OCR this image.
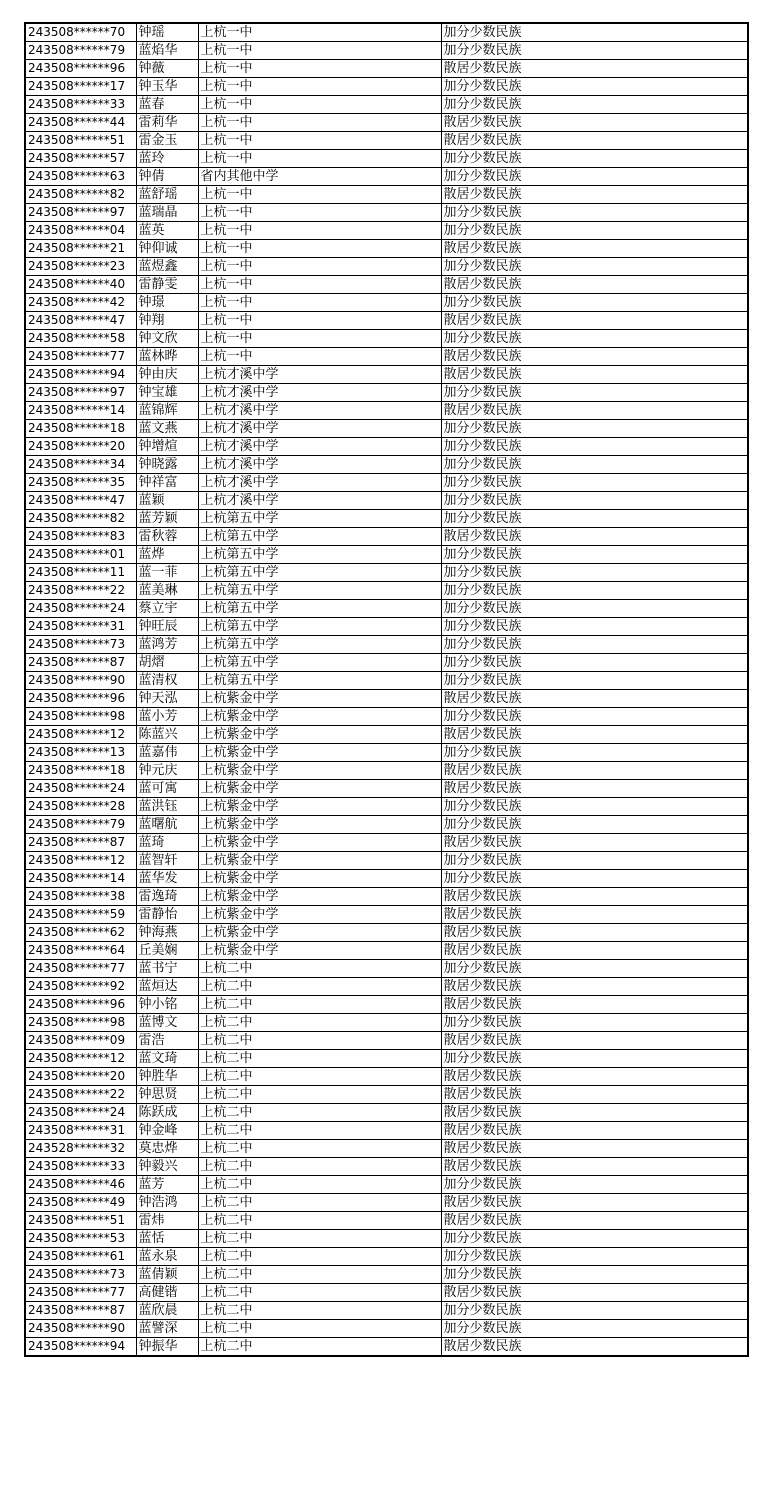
243508******70	钟瑶	上杭一中	加分少数民族
243508******79	蓝焰华	上杭一中	加分少数民族
243508******96	钟薇	上杭一中	散居少数民族
243508******17	钟玉华	上杭一中	加分少数民族
243508******33	蓝春	上杭一中	加分少数民族
243508******44	雷莉华	上杭一中	散居少数民族
243508******51	雷金玉	上杭一中	散居少数民族
243508******57	蓝玲	上杭一中	加分少数民族
243508******63	钟倩	省内其他中学	加分少数民族
243508******82	蓝舒瑶	上杭一中	散居少数民族
243508******97	蓝瑞晶	上杭一中	加分少数民族
243508******04	蓝英	上杭一中	加分少数民族
243508******21	钟仰诚	上杭一中	散居少数民族
243508******23	蓝煜鑫	上杭一中	加分少数民族
243508******40	雷静雯	上杭一中	散居少数民族
243508******42	钟璟	上杭一中	加分少数民族
243508******47	钟翔	上杭一中	散居少数民族
243508******58	钟文欣	上杭一中	加分少数民族
243508******77	蓝林晔	上杭一中	散居少数民族
243508******94	钟由庆	上杭才溪中学	散居少数民族
243508******97	钟宝雄	上杭才溪中学	加分少数民族
243508******14	蓝锦辉	上杭才溪中学	散居少数民族
243508******18	蓝文燕	上杭才溪中学	加分少数民族
243508******20	钟增煊	上杭才溪中学	加分少数民族
243508******34	钟晓露	上杭才溪中学	加分少数民族
243508******35	钟祥富	上杭才溪中学	加分少数民族
243508******47	蓝颖	上杭才溪中学	加分少数民族
243508******82	蓝芳颖	上杭第五中学	加分少数民族
243508******83	雷秋蓉	上杭第五中学	散居少数民族
243508******01	蓝烨	上杭第五中学	加分少数民族
243508******11	蓝一菲	上杭第五中学	加分少数民族
243508******22	蓝美琳	上杭第五中学	加分少数民族
243508******24	蔡立宇	上杭第五中学	加分少数民族
243508******31	钟旺辰	上杭第五中学	加分少数民族
243508******73	蓝鸿芳	上杭第五中学	加分少数民族
243508******87	胡熠	上杭第五中学	加分少数民族
243508******90	蓝清权	上杭第五中学	加分少数民族
243508******96	钟天泓	上杭紫金中学	散居少数民族
243508******98	蓝小芳	上杭紫金中学	加分少数民族
243508******12	陈蓝兴	上杭紫金中学	散居少数民族
243508******13	蓝嘉伟	上杭紫金中学	加分少数民族
243508******18	钟元庆	上杭紫金中学	散居少数民族
243508******24	蓝可寓	上杭紫金中学	散居少数民族
243508******28	蓝洪钰	上杭紫金中学	加分少数民族
243508******79	蓝曙航	上杭紫金中学	加分少数民族
243508******87	蓝琦	上杭紫金中学	散居少数民族
243508******12	蓝智轩	上杭紫金中学	加分少数民族
243508******14	蓝华发	上杭紫金中学	加分少数民族
243508******38	雷逸琦	上杭紫金中学	散居少数民族
243508******59	雷静怡	上杭紫金中学	散居少数民族
243508******62	钟海燕	上杭紫金中学	散居少数民族
243508******64	丘美娴	上杭紫金中学	散居少数民族
243508******77	蓝书宁	上杭二中	加分少数民族
243508******92	蓝烜达	上杭二中	散居少数民族
243508******96	钟小铭	上杭二中	散居少数民族
243508******98	蓝博文	上杭二中	加分少数民族
243508******09	雷浩	上杭二中	散居少数民族
243508******12	蓝文琦	上杭二中	加分少数民族
243508******20	钟胜华	上杭二中	散居少数民族
243508******22	钟思贤	上杭二中	散居少数民族
243508******24	陈跃成	上杭二中	散居少数民族
243508******31	钟金峰	上杭二中	散居少数民族
243528******32	莫忠烨	上杭二中	散居少数民族
243508******33	钟毅兴	上杭二中	散居少数民族
243508******46	蓝芳	上杭二中	加分少数民族
243508******49	钟浩鸿	上杭二中	散居少数民族
243508******51	雷炜	上杭二中	散居少数民族
243508******53	蓝恬	上杭二中	加分少数民族
243508******61	蓝永泉	上杭二中	加分少数民族
243508******73	蓝倩颖	上杭二中	加分少数民族
243508******77	高健锴	上杭二中	散居少数民族
243508******87	蓝欣晨	上杭二中	加分少数民族
243508******90	蓝譬深	上杭二中	加分少数民族
243508******94	钟振华	上杭二中	散居少数民族
